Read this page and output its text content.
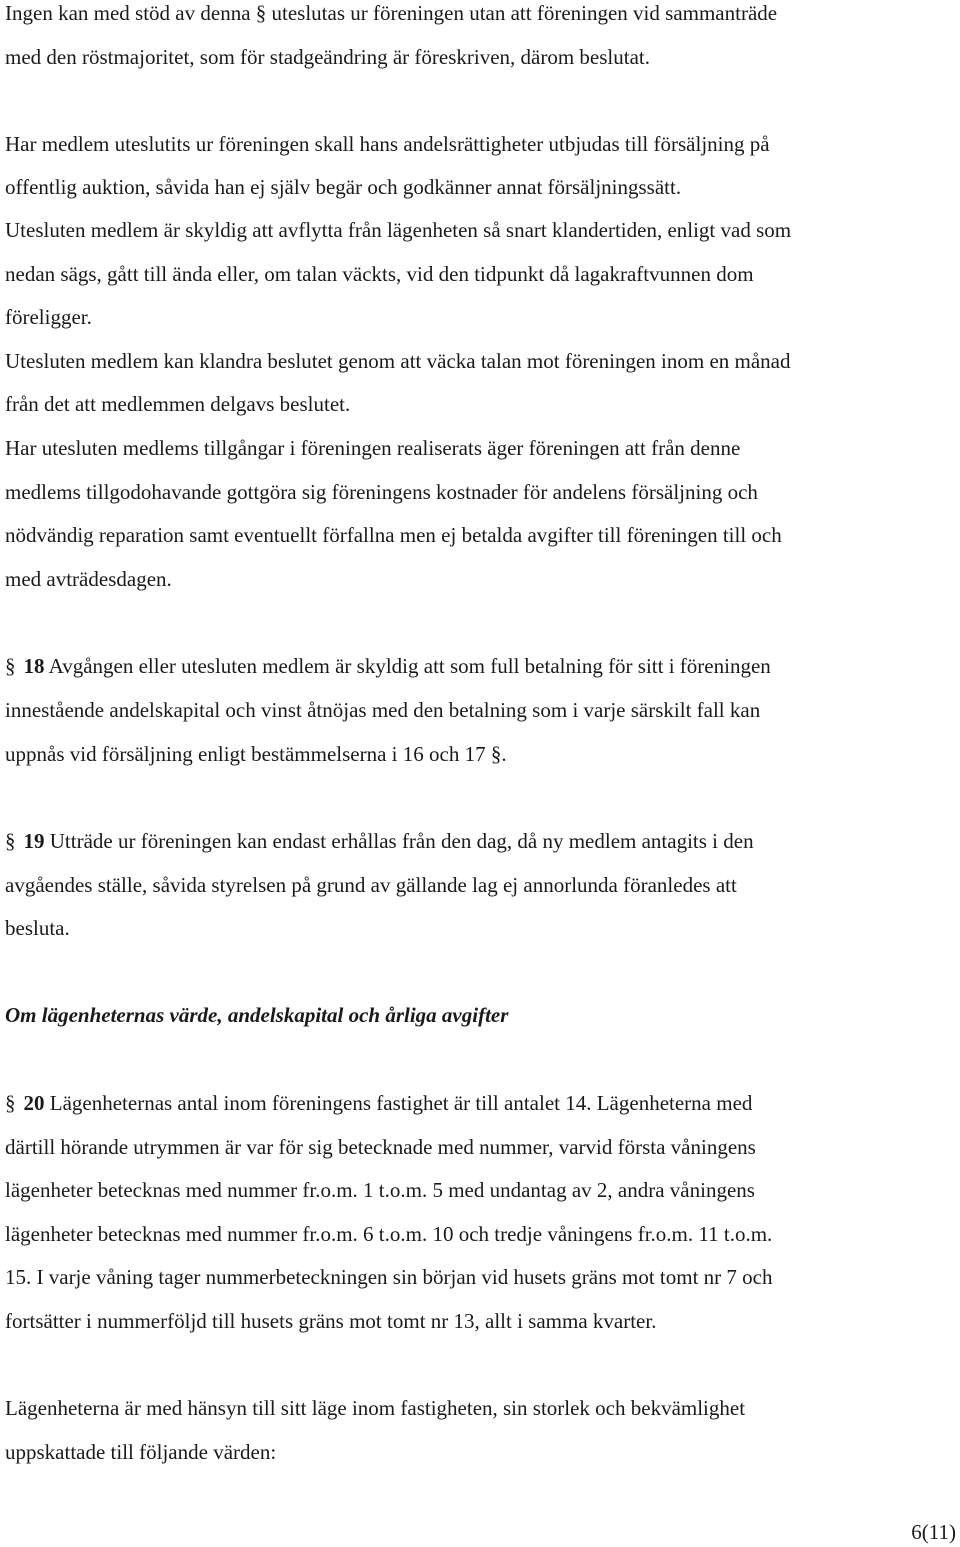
Ingen kan med stöd av denna § uteslutas ur föreningen utan att föreningen vid sammanträde
med den röstmajoritet, som för stadgeändring är föreskriven, därom beslutat.
Har medlem uteslutits ur föreningen skall hans andelsrättigheter utbjudas till försäljning på
offentlig auktion, såvida han ej själv begär och godkänner annat försäljningssätt.
Utesluten medlem är skyldig att avflytta från lägenheten så snart klandertiden, enligt vad som
nedan sägs, gått till ända eller, om talan väckts, vid den tidpunkt då lagakraftvunnen dom
föreligger.
Utesluten medlem kan klandra beslutet genom att väcka talan mot föreningen inom en månad
från det att medlemmen delgavs beslutet.
Har utesluten medlems tillgångar i föreningen realiserats äger föreningen att från denne
medlems tillgodohavande gottgöra sig föreningens kostnader för andelens försäljning och
nödvändig reparation samt eventuellt förfallna men ej betalda avgifter till föreningen till och
med avträdesdagen.
§ 18 Avgången eller utesluten medlem är skyldig att som full betalning för sitt i föreningen
innestående andelskapital och vinst åtnöjas med den betalning som i varje särskilt fall kan
uppnås vid försäljning enligt bestämmelserna i 16 och 17 §.
§ 19 Utträde ur föreningen kan endast erhållas från den dag, då ny medlem antagits i den
avgåendes ställe, såvida styrelsen på grund av gällande lag ej annorlunda föranledes att
besluta.
Om lägenheternas värde, andelskapital och årliga avgifter
§ 20 Lägenheternas antal inom föreningens fastighet är till antalet 14. Lägenheterna med
därtill hörande utrymmen är var för sig betecknade med nummer, varvid första våningens
lägenheter betecknas med nummer fr.o.m. 1 t.o.m. 5 med undantag av 2, andra våningens
lägenheter betecknas med nummer fr.o.m. 6 t.o.m. 10 och tredje våningens fr.o.m. 11 t.o.m.
15. I varje våning tager nummerbeteckningen sin början vid husets gräns mot tomt nr 7 och
fortsätter i nummerföljd till husets gräns mot tomt nr 13, allt i samma kvarter.
Lägenheterna är med hänsyn till sitt läge inom fastigheten, sin storlek och bekvämlighet
uppskattade till följande värden:
6(11)
